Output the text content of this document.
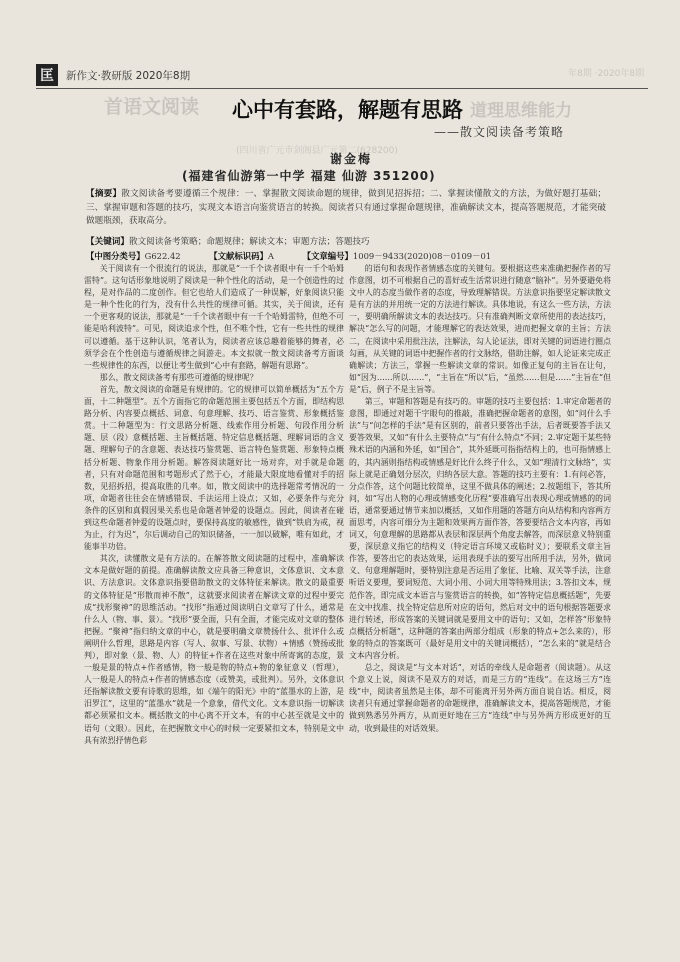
年8期 ·2020年8期
首语文阅读	道理思维能力
(四川省广元市剑阁县广元第二(628200)
匡	新作文·教研版 2020年8期
心中有套路，解题有思路
——散文阅读备考策略
谢金梅
(福建省仙游第一中学 福建 仙游 351200)
【摘要】散文阅读备考要遵循三个规律：一、掌握散文阅读命题的规律，做到见招拆招；二、掌握读懂散文的方法，为做好题打基础；三、掌握审题和答题的技巧，实现文本语言向鉴赏语言的转换。阅读者只有通过掌握命题规律，准确解读文本，提高答题规范，才能突破做题瓶颈，获取高分。
【关键词】散文阅读备考策略；命题规律；解读文本；审题方法；答题技巧
【中图分类号】G622.42	【文献标识码】A	【文章编号】1009－9433(2020)08－0109－01

关于阅读有一个很流行的说法，那就是“一千个读者眼中有一千个哈姆雷特”。这句话形象地说明了阅读是一种个性化的活动，是一个创造性的过程，是对作品的二度创作。但它也给人们造成了一种误解，好象阅读只能是一种个性化的行为，没有什么共性的规律可循。其实，关于阅读，还有一个更客观的说法，那就是“一千个读者眼中有一千个哈姆雷特，但绝不可能是哈利波特”。可见，阅读追求个性，但不唯个性，它有一些共性的规律可以遵循。基于这种认识，笔者认为，阅读者应该总趣着能够的舞者，必须学会在个性创造与遵循规律之间游走。本文拟就一散文阅读备考方面谈一些规律性的东西，以便让考生做到“心中有套路，解题有思路”。

那么，散文阅读备考有那些可遵循的规律呢？

首先，散文阅读的命题是有规律的。它的规律可以简单概括为“五个方面，十二种题型”。五个方面指它的命题范围主要包括五个方面，即结构思路分析、内容要点概括、词意、句意理解、技巧、语言鉴赏、形象概括鉴赏。十二种题型为：行文思路分析题、线索作用分析题、句段作用分析题、层（段）意概括题、主旨概括题、特定信息概括题、理解词语的含义题、理解句子的含意题、表达技巧鉴赏题、语言特色鉴赏题、形象特点概括分析题、物象作用分析题。解答阅读题好比一场对弈，对手就是命题者，只有对命题范围和考题形式了然于心，才能最大限度地看懂对手的招数，见招拆招，提高取胜的几率。如，散文阅读中的选择题常考情况的一项，命题者往往会在情感错误、手法运用上设点；又如，必要条件与充分条件的区别和真假因果关系也是命题者钟爱的设题点。因此，阅读者在碰到这些命题者钟爱的设题点时，要保持高度的敏感性，做到“铁肩为戒，视为止，行为迟”，尔后调动自己的知识储备，一一加以破解，唯有如此，才能事半功倍。

其次，读懂散文是有方法的。在解答散文阅读题的过程中，准确解读文本是做好题的前提。准确解读散文应具备三种意识，文体意识、文本意识、方法意识。文体意识指要借助散文的文体特征来解读。散文的最重要的文体特征是“形散而神不散”，这就要求阅读者在解读文章的过程中要完成“找形聚神”的思维活动。“找形”指通过阅读明白文章写了什么，通常是什么人（物、事、景）。“找形”要全面，只有全面，才能完成对文章的整体把握。“聚神”指归纳文章的中心，就是要明确文章赞扬什么、批评什么或阐明什么哲理，思路是内容（写人、叙事、写景、状物）+情感（赞扬或批判），即对象（景、物、人）的特征+作者在这些对象中所寄寓的态度，景一般是景的特点+作者感情，物一般是物的特点+物的象征意义（哲理），人一般是人的特点+作者的情感态度（或赞美，或批判）。另外，文体意识还指解读散文要有诗歌的思维，如《端午的阳光》中的“蓝墨水的上游，是汨罗江”，这里的“蓝墨水”就是一个意象，借代文化。文本意识指一切解读都必须紧扣文本。概括散文的中心离不开文本，有的中心甚至就是文中的语句（文眼）。因此，在把握散文中心的时候一定要紧扣文本，特别是文中具有浓烈抒情色彩

的语句和表现作者情感态度的关键句。要根据这些来准确把握作者的写作意图，切不可根据自己的喜好或生活常识进行随意“脑补”。另外要避免将文中人的态度当做作者的态度，导致理解错误。方法意识指要坚定解读散文是有方法的并用统一定的方法进行解读。具体地说，有这么一些方法，方法一，要明确所解读文本的表达技巧。只有准确判断文章所使用的表达技巧，解决“怎么写的问题，才能理解它的表达效果，进而把握文章的主旨；方法二，在阅读中采用批注法，注解法，勾人论证法，即对关键的词语进行圈点勾画，从关键的词语中把握作者的行文脉络，借助注解，如人论证来完成正确解读；方法三，掌握一些解读文章的常识。如像正复句的主旨在让句，如“因为……所以……”，“主旨在“所以”后，“虽然……但是……”主旨在“但是”后，例子不是主旨等。

第三，审题和答题是有技巧的。审题的技巧主要包括：1.审定命题者的意图，即通过对题干字眼句的推敲，准确把握命题者的意图，如“问什么手法”与“问怎样的手法”是有区别的，前者只要答出手法，后者既要答手法又要答效果，又如“有什么主要特点”与“有什么特点”不同；2.审定题干某些特殊术语的内涵和外延，如“国合”，其外延既可指指结构上的，也可指情感上的，其内涵则指结构或情感是好比什么终子什么，又如“理清行文脉络”，实际上就是正确划分层次，归纳各层大意。答题的技巧主要有：1.有问必答，分点作答，这个问题比较简单，这里不做具体的阐述；2.按题组下，答其所问，如“写出人物的心理或情感变化历程”要准确写出表现心理或情感的的词语，通常要通过情节来加以概括，又如作用题的答题方向从结构和内容两方面思考，内容可细分为主题和效果两方面作答，答要要结合文本内容，再如词又，句意理解的思路都从表层和深层两个角度去解答，而深层意义特别重要，深层意义指它的结构义（特定语言环境又或临时义）；要联系文章主旨作答，要答出它的表达效果，运用表现手法的要写出所用手法，另外，做词义、句意理解题时，要特别注意是否运用了象征、比喻、双关等手法，注意听语义要理，要词短范、大词小用、小词大用等特殊用法；3.答扣文本，规范作答，即完成文本语言与鉴赏语言的转换，如“答特定信息概括题”，先要在文中找准、找全特定信息所对应的语句，然后对文中的语句根据答题要求进行转述，形成答案的关键词就是要用文中的语句；又如，怎样答“形象特点概括分析题”，这种题的答案由两部分组成（形象的特点+怎么来的），形象的特点的答案既可（最好是用文中的关键词概括），“怎么来的”就是结合文本内容分析。

总之，阅读是“与文本对话”，对话的牵线人是命题者（阅读题）。从这个意义上说，阅读不是双方的对话，而是三方的“连线”。在这场三方“连线”中，阅读者虽然是主体，却不可能离开另外两方面自说自话。相反，阅读者只有通过掌握命题者的命题规律，准确解读文本，提高答题规范，才能做到熟悉另外两方，从而更好地在三方“连线”中与另外两方形成更好的互动，收到最佳的对话效果。
